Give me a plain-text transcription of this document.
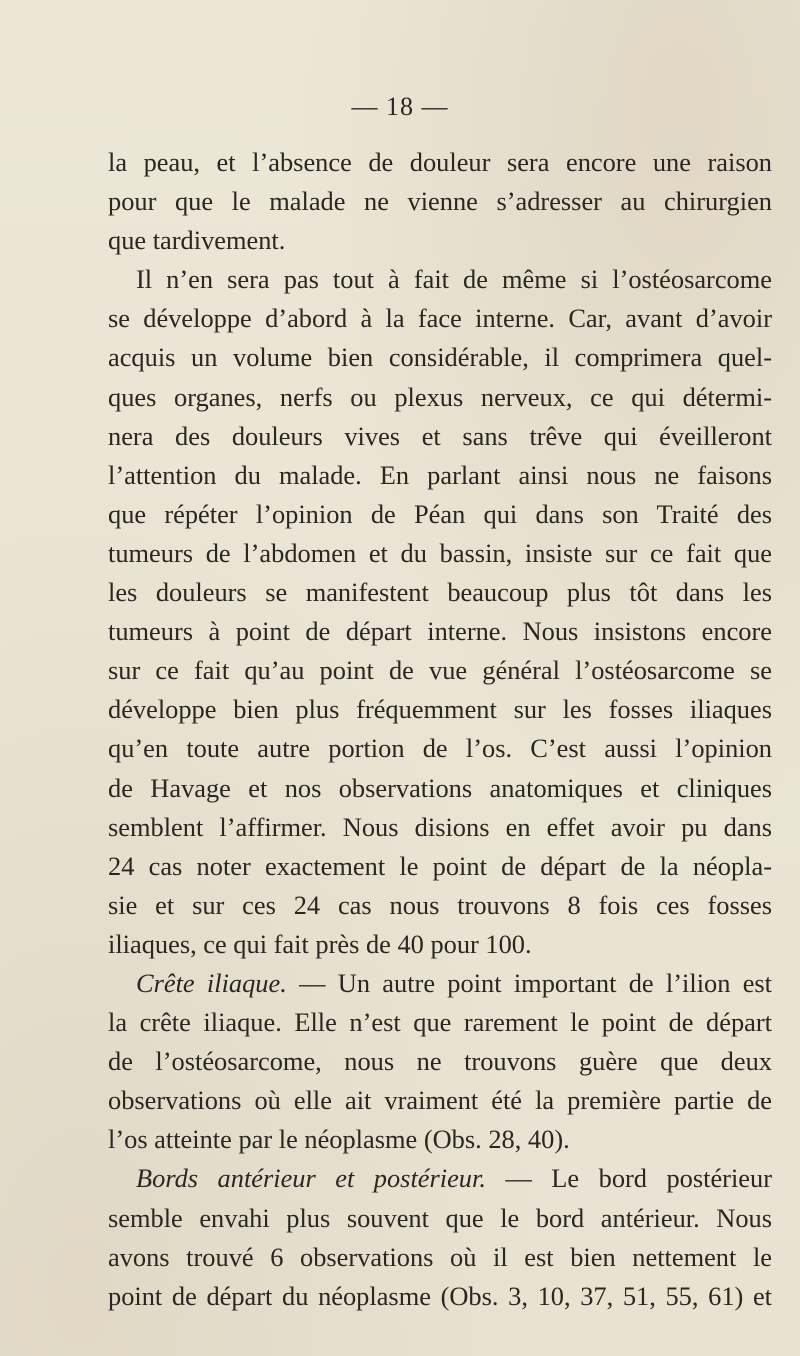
— 18 —
la peau, et l’absence de douleur sera encore une raison
pour que le malade ne vienne s’adresser au chirurgien
que tardivement.
Il n’en sera pas tout à fait de même si l’ostéosarcome
se développe d’abord à la face interne. Car, avant d’avoir
acquis un volume bien considérable, il comprimera quel-
ques organes, nerfs ou plexus nerveux, ce qui détermi-
nera des douleurs vives et sans trêve qui éveilleront
l’attention du malade. En parlant ainsi nous ne faisons
que répéter l’opinion de Péan qui dans son Traité des
tumeurs de l’abdomen et du bassin, insiste sur ce fait que
les douleurs se manifestent beaucoup plus tôt dans les
tumeurs à point de départ interne. Nous insistons encore
sur ce fait qu’au point de vue général l’ostéosarcome se
développe bien plus fréquemment sur les fosses iliaques
qu’en toute autre portion de l’os. C’est aussi l’opinion
de Havage et nos observations anatomiques et cliniques
semblent l’affirmer. Nous disions en effet avoir pu dans
24 cas noter exactement le point de départ de la néopla-
sie et sur ces 24 cas nous trouvons 8 fois ces fosses
iliaques, ce qui fait près de 40 pour 100.
Crête iliaque. — Un autre point important de l’ilion est
la crête iliaque. Elle n’est que rarement le point de départ
de l’ostéosarcome, nous ne trouvons guère que deux
observations où elle ait vraiment été la première partie de
l’os atteinte par le néoplasme (Obs. 28, 40).
Bords antérieur et postérieur. — Le bord postérieur
semble envahi plus souvent que le bord antérieur. Nous
avons trouvé 6 observations où il est bien nettement le
point de départ du néoplasme (Obs. 3, 10, 37, 51, 55, 61) et
